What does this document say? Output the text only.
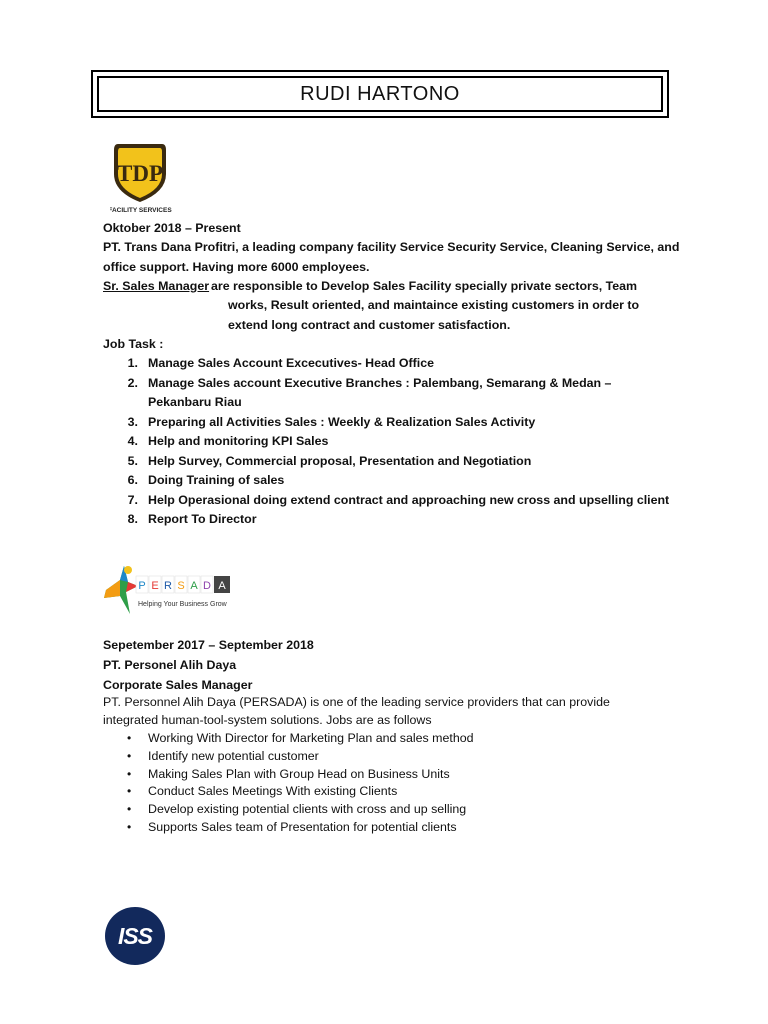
RUDI HARTONO
TDP
FACILITY SERVICES
Oktober 2018 – Present
PT. Trans Dana Profitri, a leading company facility Service Security Service, Cleaning Service, and
office support. Having more 6000 employees.
Sr. Sales Manager are responsible to Develop Sales Facility specially private sectors, Team
works, Result oriented, and maintaince existing customers in order to
extend long contract and customer satisfaction.
Job Task :
1. Manage Sales Account Excecutives- Head Office
2. Manage Sales account Executive Branches : Palembang, Semarang & Medan –
Pekanbaru Riau
3. Preparing all Activities Sales : Weekly & Realization Sales Activity
4. Help and monitoring KPI Sales
5. Help Survey, Commercial proposal, Presentation and Negotiation
6. Doing Training of sales
7. Help Operasional doing extend contract and approaching new cross and upselling client
8. Report To Director
P E R S A D A
Helping Your Business Grow
Sepetember 2017 – September 2018
PT. Personel Alih Daya
Corporate Sales Manager
PT. Personnel Alih Daya (PERSADA) is one of the leading service providers that can provide
integrated human-tool-system solutions. Jobs are as follows
• Working With Director for Marketing Plan and sales method
• Identify new potential customer
• Making Sales Plan with Group Head on Business Units
• Conduct Sales Meetings With existing Clients
• Develop existing potential clients with cross and up selling
• Supports Sales team of Presentation for potential clients
ISS
